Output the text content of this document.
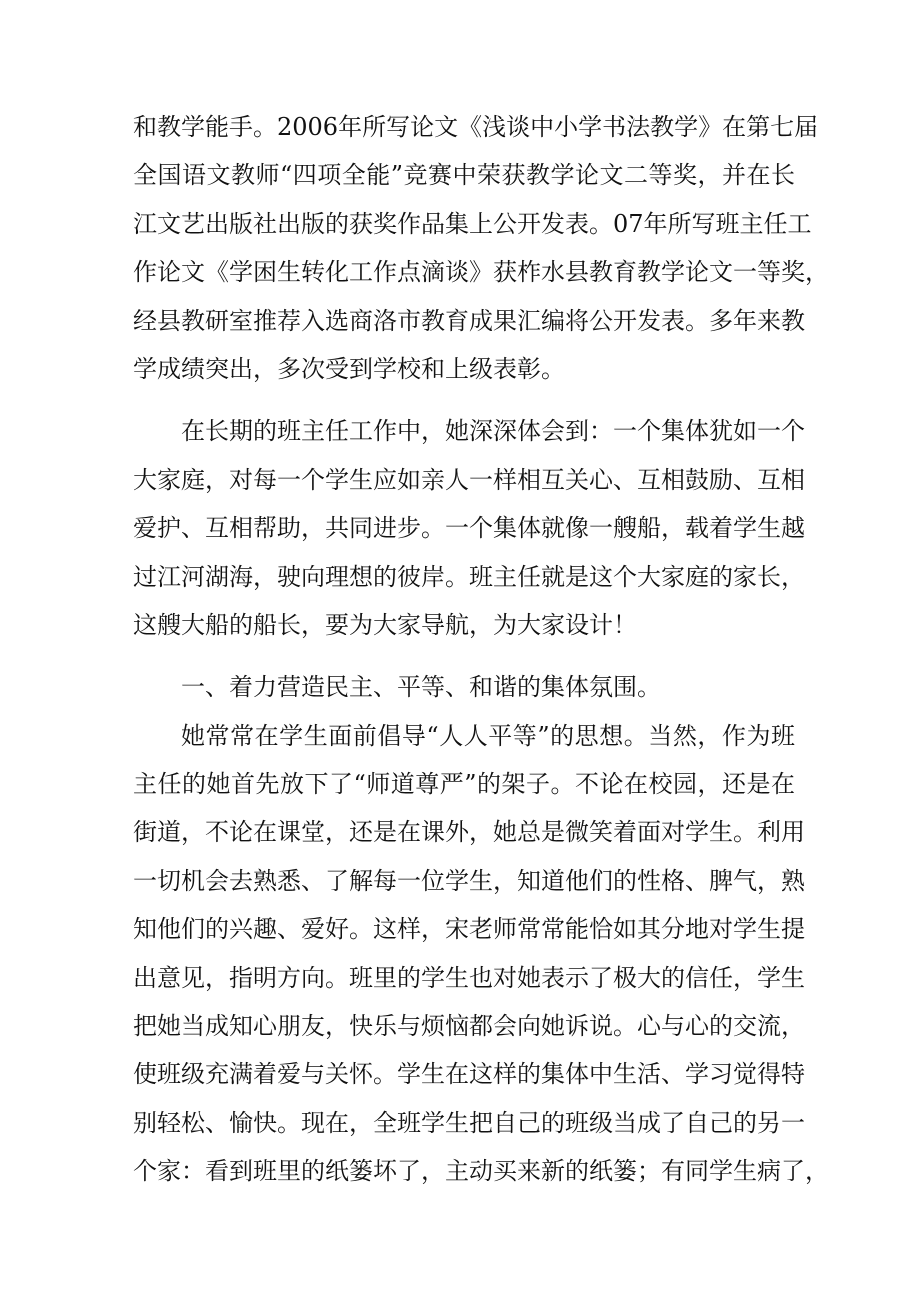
和教学能手。2006年所写论文《浅谈中小学书法教学》在第七届
全国语文教师“四项全能”竞赛中荣获教学论文二等奖，并在长
江文艺出版社出版的获奖作品集上公开发表。07年所写班主任工
作论文《学困生转化工作点滴谈》获柞水县教育教学论文一等奖，
经县教研室推荐入选商洛市教育成果汇编将公开发表。多年来教
学成绩突出，多次受到学校和上级表彰。
在长期的班主任工作中，她深深体会到：一个集体犹如一个
大家庭，对每一个学生应如亲人一样相互关心、互相鼓励、互相
爱护、互相帮助，共同进步。一个集体就像一艘船，载着学生越
过江河湖海，驶向理想的彼岸。班主任就是这个大家庭的家长，
这艘大船的船长，要为大家导航，为大家设计！
一、着力营造民主、平等、和谐的集体氛围。
她常常在学生面前倡导“人人平等”的思想。当然，作为班
主任的她首先放下了“师道尊严”的架子。不论在校园，还是在
街道，不论在课堂，还是在课外，她总是微笑着面对学生。利用
一切机会去熟悉、了解每一位学生，知道他们的性格、脾气，熟
知他们的兴趣、爱好。这样，宋老师常常能恰如其分地对学生提
出意见，指明方向。班里的学生也对她表示了极大的信任，学生
把她当成知心朋友，快乐与烦恼都会向她诉说。心与心的交流，
使班级充满着爱与关怀。学生在这样的集体中生活、学习觉得特
别轻松、愉快。现在，全班学生把自己的班级当成了自己的另一
个家：看到班里的纸篓坏了，主动买来新的纸篓；有同学生病了，
